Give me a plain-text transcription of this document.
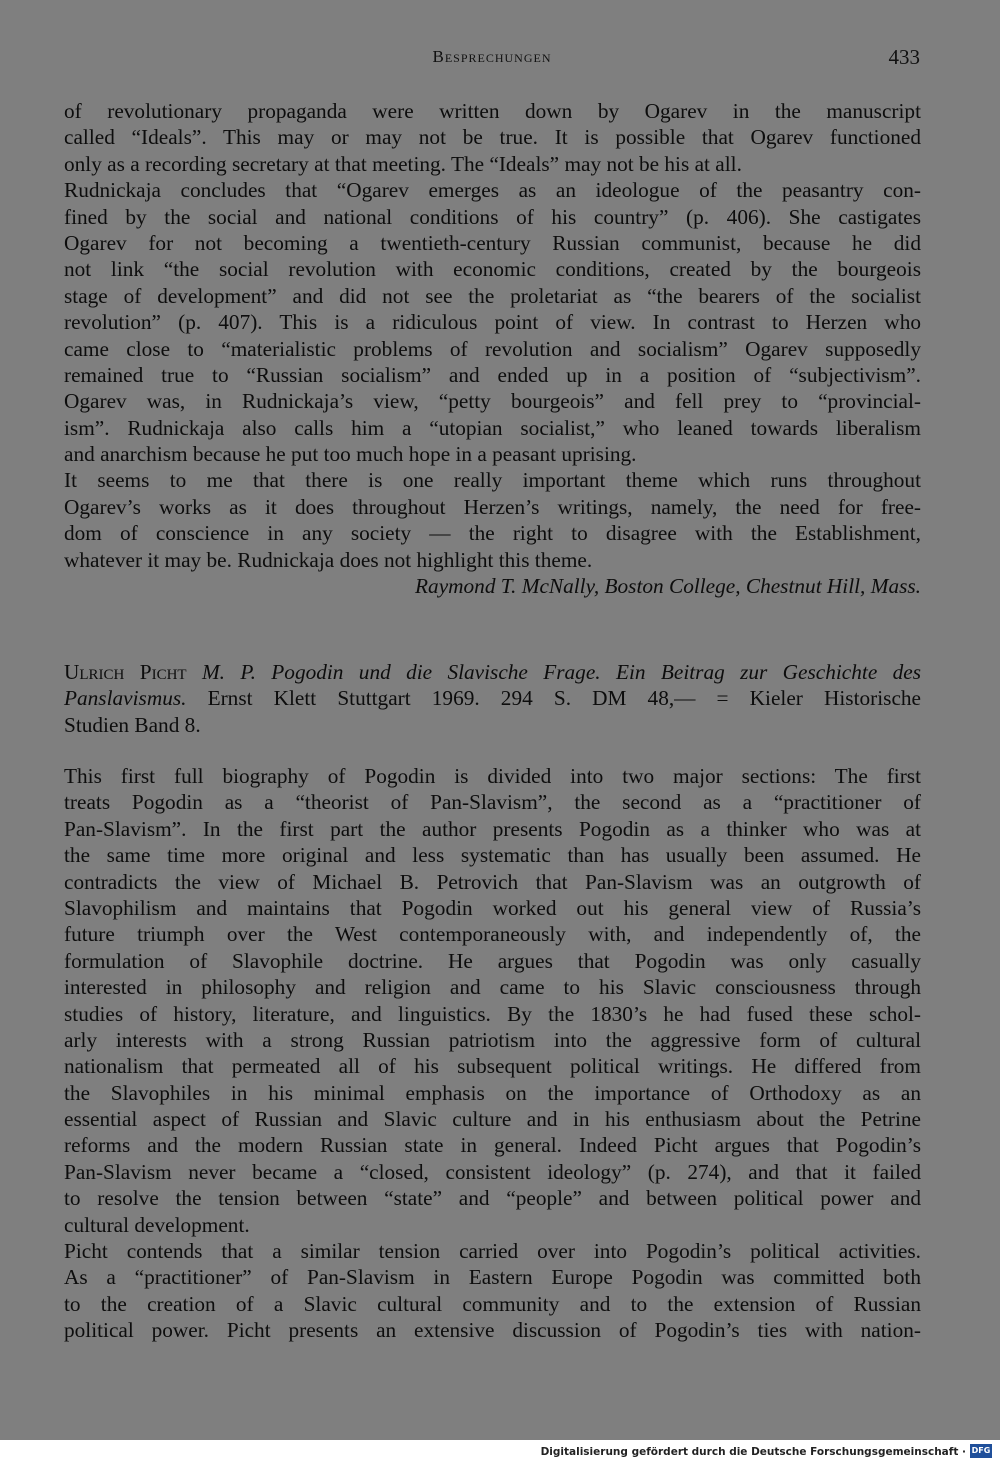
Besprechungen	433
of revolutionary propaganda were written down by Ogarev in the manuscript
called “Ideals”. This may or may not be true. It is possible that Ogarev functioned
only as a recording secretary at that meeting. The “Ideals” may not be his at all.
Rudnickaja concludes that “Ogarev emerges as an ideologue of the peasantry con-
fined by the social and national conditions of his country” (p. 406). She castigates
Ogarev for not becoming a twentieth-century Russian communist, because he did
not link “the social revolution with economic conditions, created by the bourgeois
stage of development” and did not see the proletariat as “the bearers of the socialist
revolution” (p. 407). This is a ridiculous point of view. In contrast to Herzen who
came close to “materialistic problems of revolution and socialism” Ogarev supposedly
remained true to “Russian socialism” and ended up in a position of “subjectivism”.
Ogarev was, in Rudnickaja’s view, “petty bourgeois” and fell prey to “provincial-
ism”. Rudnickaja also calls him a “utopian socialist,” who leaned towards liberalism
and anarchism because he put too much hope in a peasant uprising.
It seems to me that there is one really important theme which runs throughout
Ogarev’s works as it does throughout Herzen’s writings, namely, the need for free-
dom of conscience in any society — the right to disagree with the Establishment,
whatever it may be. Rudnickaja does not highlight this theme.
Raymond T. McNally, Boston College, Chestnut Hill, Mass.
Ulrich Picht M. P. Pogodin und die Slavische Frage. Ein Beitrag zur Geschichte des
Panslavismus. Ernst Klett Stuttgart 1969. 294 S. DM 48,— = Kieler Historische
Studien Band 8.
This first full biography of Pogodin is divided into two major sections: The first
treats Pogodin as a “theorist of Pan-Slavism”, the second as a “practitioner of
Pan-Slavism”. In the first part the author presents Pogodin as a thinker who was at
the same time more original and less systematic than has usually been assumed. He
contradicts the view of Michael B. Petrovich that Pan-Slavism was an outgrowth of
Slavophilism and maintains that Pogodin worked out his general view of Russia’s
future triumph over the West contemporaneously with, and independently of, the
formulation of Slavophile doctrine. He argues that Pogodin was only casually
interested in philosophy and religion and came to his Slavic consciousness through
studies of history, literature, and linguistics. By the 1830’s he had fused these schol-
arly interests with a strong Russian patriotism into the aggressive form of cultural
nationalism that permeated all of his subsequent political writings. He differed from
the Slavophiles in his minimal emphasis on the importance of Orthodoxy as an
essential aspect of Russian and Slavic culture and in his enthusiasm about the Petrine
reforms and the modern Russian state in general. Indeed Picht argues that Pogodin’s
Pan-Slavism never became a “closed, consistent ideology” (p. 274), and that it failed
to resolve the tension between “state” and “people” and between political power and
cultural development.
Picht contends that a similar tension carried over into Pogodin’s political activities.
As a “practitioner” of Pan-Slavism in Eastern Europe Pogodin was committed both
to the creation of a Slavic cultural community and to the extension of Russian
political power. Picht presents an extensive discussion of Pogodin’s ties with nation-
Digitalisierung gefördert durch die Deutsche Forschungsgemeinschaft · DFG
